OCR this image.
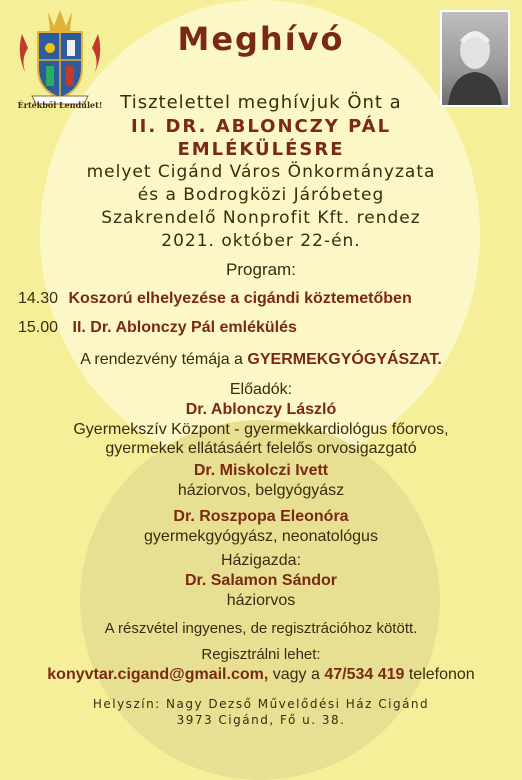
Értékből Lendület!
Meghívó
Tisztelettel meghívjuk Önt a
II. DR. ABLONCZY PÁL
EMLÉKÜLÉSRE
melyet Cigánd Város Önkormányzata
és a Bodrogközi Járóbeteg
Szakrendelő Nonprofit Kft. rendez
2021. október 22-én.
Program:
14.30 Koszorú elhelyezése a cigándi köztemetőben
15.00 II. Dr. Ablonczy Pál emlékülés
A rendezvény témája a GYERMEKGYÓGYÁSZAT.
Előadók:
Dr. Ablonczy László
Gyermekszív Központ - gyermekkardiológus főorvos,
gyermekek ellátásáért felelős orvosigazgató
Dr. Miskolczi Ivett
háziorvos, belgyógyász
Dr. Roszpopa Eleonóra
gyermekgyógyász, neonatológus
Házigazda:
Dr. Salamon Sándor
háziorvos
A részvétel ingyenes, de regisztrációhoz kötött.
Regisztrálni lehet:
konyvtar.cigand@gmail.com, vagy a 47/534 419 telefonon
Helyszín: Nagy Dezső Művelődési Ház Cigánd
3973 Cigánd, Fő u. 38.
